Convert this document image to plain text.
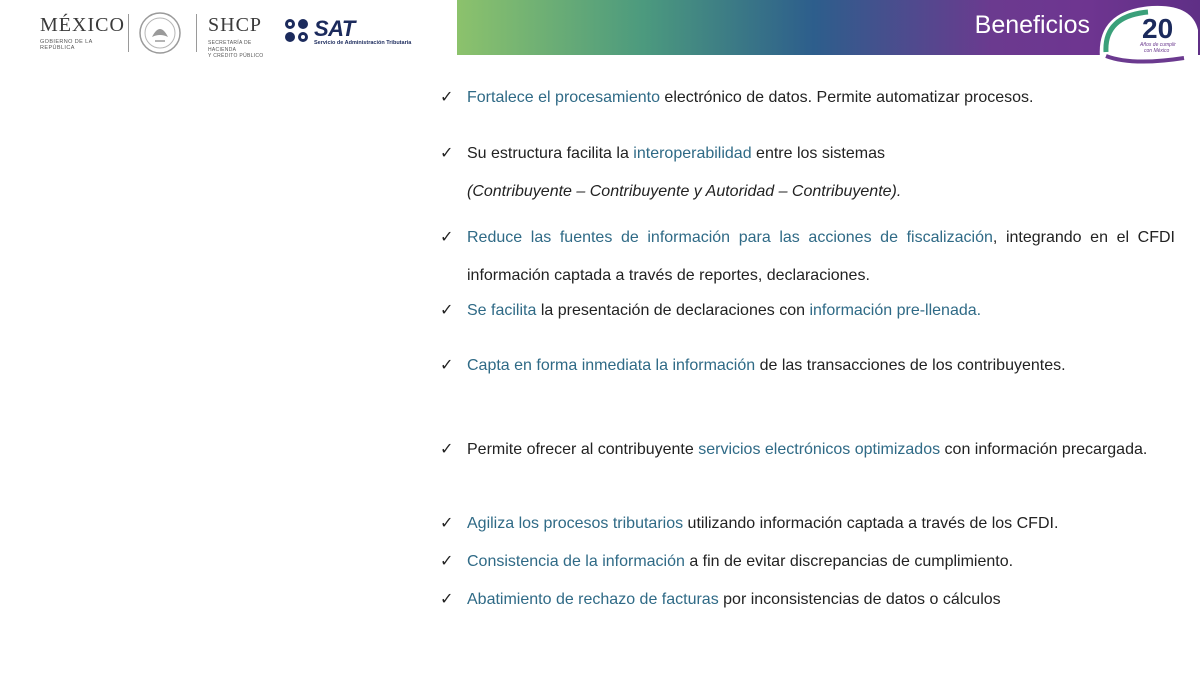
MÉXICO
GOBIERNO DE LA REPÚBLICA
SHCP
SECRETARÍA DE HACIENDA
Y CRÉDITO PÚBLICO
SAT
Servicio de Administración Tributaria
Beneficios 20
Años de cumplir
con México
1997-2017
✓ Fortalece el procesamiento electrónico de datos. Permite automatizar procesos.
✓ Su estructura facilita la interoperabilidad entre los sistemas
(Contribuyente – Contribuyente y Autoridad – Contribuyente).
✓ Reduce las fuentes de información para las acciones de fiscalización, integrando en el CFDI información captada a través de reportes, declaraciones.
✓ Se facilita la presentación de declaraciones con información pre-llenada.
✓ Capta en forma inmediata la información de las transacciones de los contribuyentes.
✓ Permite ofrecer al contribuyente servicios electrónicos optimizados con información precargada.
✓ Agiliza los procesos tributarios utilizando información captada a través de los CFDI.
✓ Consistencia de la información a fin de evitar discrepancias de cumplimiento.
✓ Abatimiento de rechazo de facturas por inconsistencias de datos o cálculos
